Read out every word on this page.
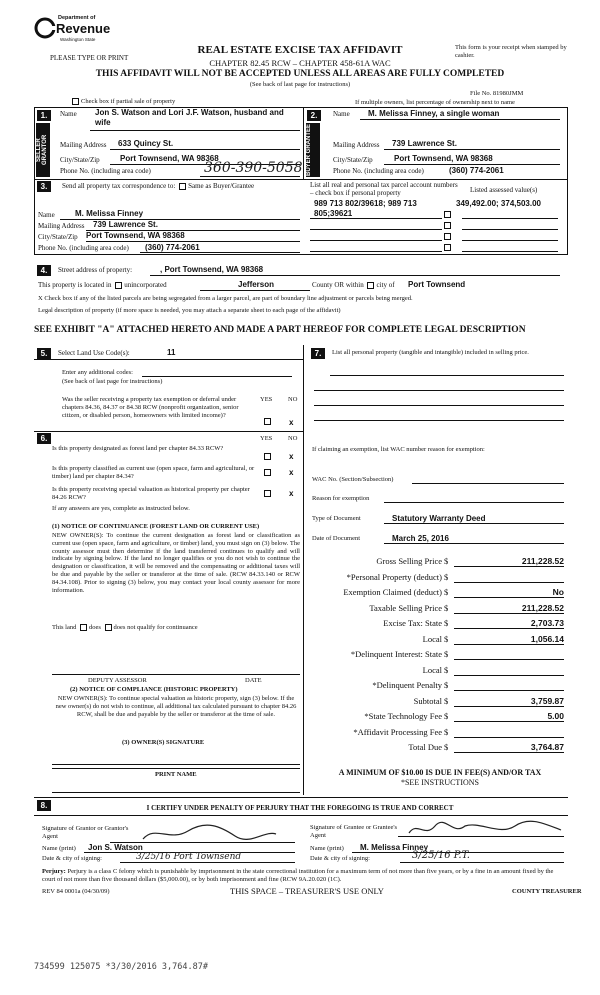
Department of
Revenue
Washington State
PLEASE TYPE OR PRINT
REAL ESTATE EXCISE TAX AFFIDAVIT
CHAPTER 82.45 RCW – CHAPTER 458-61A WAC
THIS AFFIDAVIT WILL NOT BE ACCEPTED UNLESS ALL AREAS ARE FULLY COMPLETED
(See back of last page for instructions)
This form is your receipt when stamped by cashier.
File No. 81980JMM
Check box if partial sale of property	If multiple owners, list percentage of ownership next to name
1.
SELLER GRANTOR
Name Jon S. Watson and Lori J.F. Watson, husband and wife
Mailing Address 633 Quincy St.
City/State/Zip	Port Townsend, WA 98368
Phone No. (including area code)	360-390-5058
2.
BUYER GRANTEE
Name M. Melissa Finney, a single woman
Mailing Address 739 Lawrence St.
City/State/Zip	Port Townsend, WA 98368
Phone No. (including area code)	(360) 774-2061
3.	Send all property tax correspondence to: Same as Buyer/Grantee
Name	M. Melissa Finney
Mailing Address 739 Lawrence St.
City/State/Zip Port Townsend, WA 98368
Phone No. (including area code) (360) 774-2061
List all real and personal tax parcel account numbers – check box if personal property	Listed assessed value(s)
989 713 802/39618; 989 713 805;39621
349,492.00; 374,503.00
4.	Street address of property:	, Port Townsend, WA 98368
This property is located in unincorporated	Jefferson	County OR within city of Port Townsend
X Check box if any of the listed parcels are being segregated from a larger parcel, are part of boundary line adjustment or parcels being merged.
Legal description of property (if more space is needed, you may attach a separate sheet to each page of the affidavit)
SEE EXHIBIT "A" ATTACHED HERETO AND MADE A PART HEREOF FOR COMPLETE LEGAL DESCRIPTION
5.	Select Land Use Code(s):	11
Enter any additional codes:
(See back of last page for instructions)
Was the seller receiving a property tax exemption or deferral under chapters 84.36, 84.37 or 84.38 RCW (nonprofit organization, senior citizen, or disabled person, homeowners with limited income)?
YES NO
x
6.	YES NO
Is this property designated as forest land per chapter 84.33 RCW?
x
Is this property classified as current use (open space, farm and agricultural, or timber) land per chapter 84.34?	x
Is this property receiving special valuation as historical property per chapter 84.26 RCW?	x
If any answers are yes, complete as instructed below.
(1) NOTICE OF CONTINUANCE (FOREST LAND OR CURRENT USE)
NEW OWNER(S): To continue the current designation as forest land or classification as current use (open space, farm and agriculture, or timber) land, you must sign on (3) below. The county assessor must then determine if the land transferred continues to qualify and will indicate by signing below. If the land no longer qualifies or you do not wish to continue the designation or classification, it will be removed and the compensating or additional taxes will be due and payable by the seller or transferor at the time of sale. (RCW 84.33.140 or RCW 84.34.108). Prior to signing (3) below, you may contact your local county assessor for more information.
This land does does not qualify for continuance
DEPUTY ASSESSOR	DATE
(2) NOTICE OF COMPLIANCE (HISTORIC PROPERTY)
NEW OWNER(S): To continue special valuation as historic property, sign (3) below. If the new owner(s) do not wish to continue, all additional tax calculated pursuant to chapter 84.26 RCW, shall be due and payable by the seller or transferor at the time of sale.
(3) OWNER(S) SIGNATURE
PRINT NAME
7.	List all personal property (tangible and intangible) included in selling price.
If claiming an exemption, list WAC number reason for exemption:
WAC No. (Section/Subsection)
Reason for exemption
Type of Document	Statutory Warranty Deed
Date of Document	March 25, 2016
Gross Selling Price $	211,228.52
*Personal Property (deduct) $
Exemption Claimed (deduct) $	No
Taxable Selling Price $	211,228.52
Excise Tax: State $	2,703.73
Local $	1,056.14
*Delinquent Interest: State $
Local $
*Delinquent Penalty $
Subtotal $	3,759.87
*State Technology Fee $	5.00
*Affidavit Processing Fee $
Total Due $	3,764.87
A MINIMUM OF $10.00 IS DUE IN FEE(S) AND/OR TAX
*SEE INSTRUCTIONS
8.	I CERTIFY UNDER PENALTY OF PERJURY THAT THE FOREGOING IS TRUE AND CORRECT
Signature of Grantor or Grantor's Agent
Name (print) Jon S. Watson
Date & city of signing:	3/25/16 Port Townsend
Signature of Grantee or Grantee's Agent
Name (print) M. Melissa Finney
Date & city of signing:	3/25/16 P.T.
Perjury: Perjury is a class C felony which is punishable by imprisonment in the state correctional institution for a maximum term of not more than five years, or by a fine in an amount fixed by the court of not more than five thousand dollars ($5,000.00), or by both imprisonment and fine (RCW 9A.20.020 (1C).
REV 84 0001a (04/30/09)	THIS SPACE – TREASURER'S USE ONLY	COUNTY TREASURER
734599 125075 *3/30/2016 3,764.87#
